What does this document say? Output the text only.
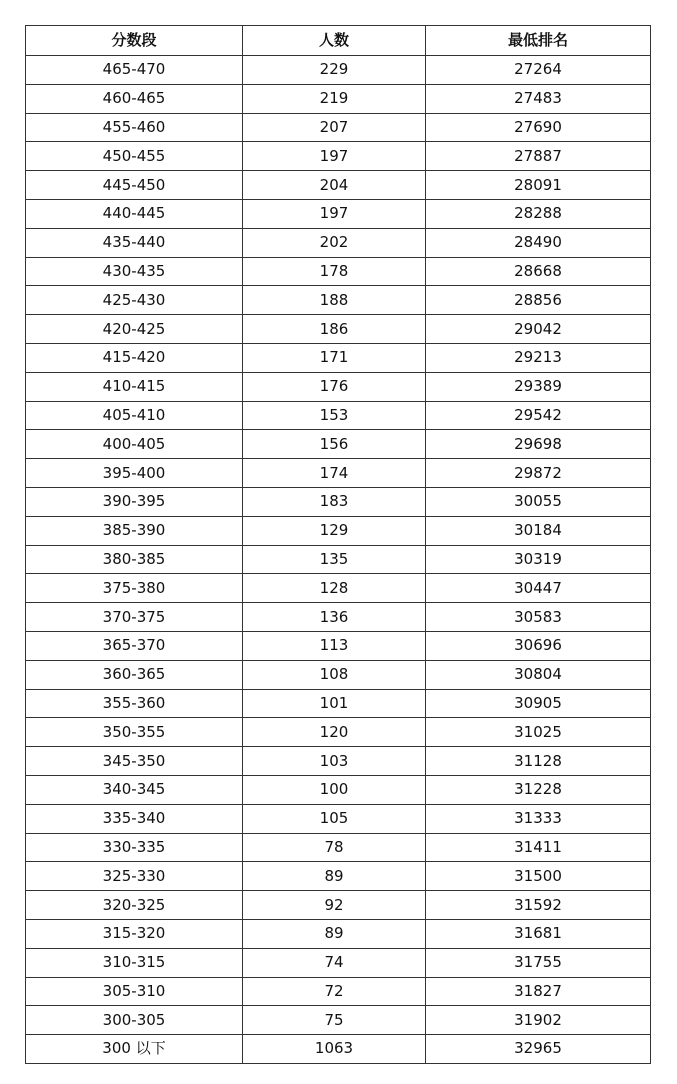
分数段	人数	最低排名
465-470	229	27264
460-465	219	27483
455-460	207	27690
450-455	197	27887
445-450	204	28091
440-445	197	28288
435-440	202	28490
430-435	178	28668
425-430	188	28856
420-425	186	29042
415-420	171	29213
410-415	176	29389
405-410	153	29542
400-405	156	29698
395-400	174	29872
390-395	183	30055
385-390	129	30184
380-385	135	30319
375-380	128	30447
370-375	136	30583
365-370	113	30696
360-365	108	30804
355-360	101	30905
350-355	120	31025
345-350	103	31128
340-345	100	31228
335-340	105	31333
330-335	78	31411
325-330	89	31500
320-325	92	31592
315-320	89	31681
310-315	74	31755
305-310	72	31827
300-305	75	31902
300 以下	1063	32965
